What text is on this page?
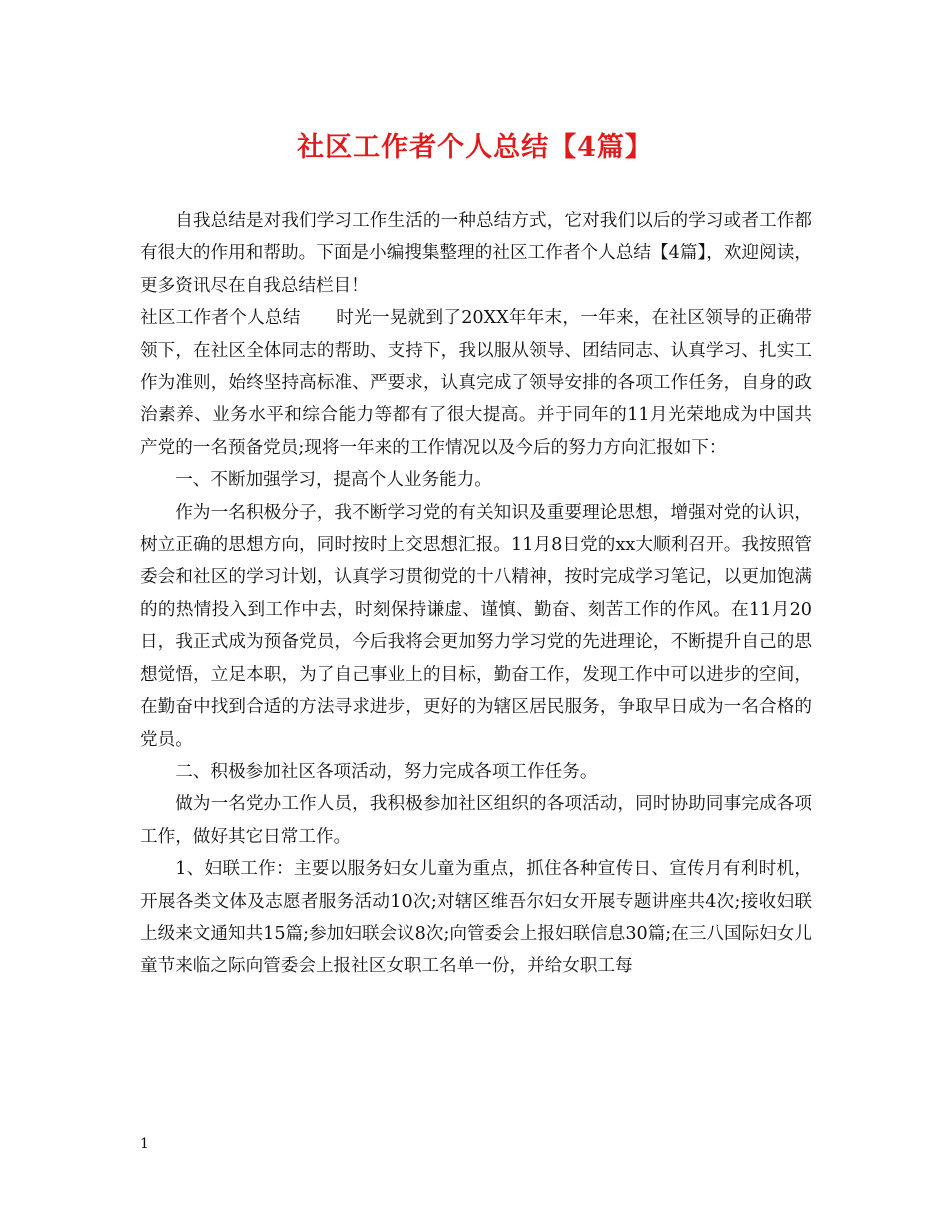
社区工作者个人总结【4篇】

自我总结是对我们学习工作生活的一种总结方式，它对我们以后的学习或者工作都有很大的作用和帮助。下面是小编搜集整理的社区工作者个人总结【4篇】，欢迎阅读，更多资讯尽在自我总结栏目！

社区工作者个人总结　　时光一晃就到了20XX年年末，一年来，在社区领导的正确带领下，在社区全体同志的帮助、支持下，我以服从领导、团结同志、认真学习、扎实工作为准则，始终坚持高标准、严要求，认真完成了领导安排的各项工作任务，自身的政治素养、业务水平和综合能力等都有了很大提高。并于同年的11月光荣地成为中国共产党的一名预备党员;现将一年来的工作情况以及今后的努力方向汇报如下：

一、不断加强学习，提高个人业务能力。

作为一名积极分子，我不断学习党的有关知识及重要理论思想，增强对党的认识，树立正确的思想方向，同时按时上交思想汇报。11月8日党的xx大顺利召开。我按照管委会和社区的学习计划，认真学习贯彻党的十八精神，按时完成学习笔记，以更加饱满的的热情投入到工作中去，时刻保持谦虚、谨慎、勤奋、刻苦工作的作风。在11月20日，我正式成为预备党员，今后我将会更加努力学习党的先进理论，不断提升自己的思想觉悟，立足本职，为了自己事业上的目标，勤奋工作，发现工作中可以进步的空间，在勤奋中找到合适的方法寻求进步，更好的为辖区居民服务，争取早日成为一名合格的党员。

二、积极参加社区各项活动，努力完成各项工作任务。

做为一名党办工作人员，我积极参加社区组织的各项活动，同时协助同事完成各项工作，做好其它日常工作。

1、妇联工作：主要以服务妇女儿童为重点，抓住各种宣传日、宣传月有利时机，开展各类文体及志愿者服务活动10次;对辖区维吾尔妇女开展专题讲座共4次;接收妇联上级来文通知共15篇;参加妇联会议8次;向管委会上报妇联信息30篇;在三八国际妇女儿童节来临之际向管委会上报社区女职工名单一份，并给女职工每

1
